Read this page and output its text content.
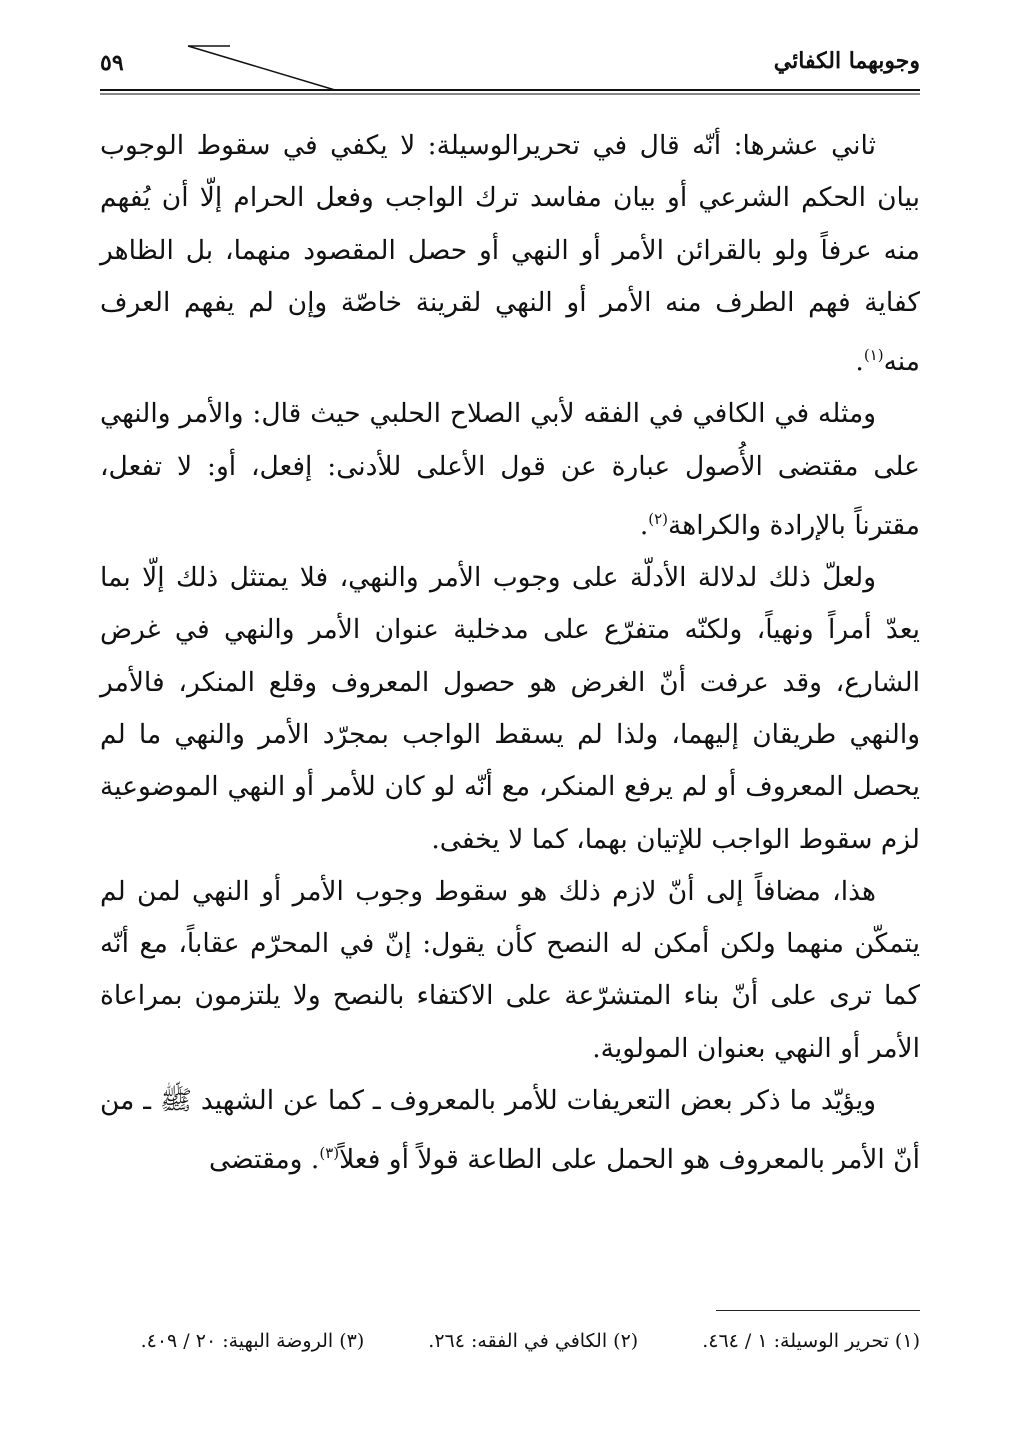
وجوبهما الكفائي
٥٩

ثاني عشرها: أنّه قال في تحريرالوسيلة: لا يكفي في سقوط الوجوب بيان الحكم الشرعي أو بيان مفاسد ترك الواجب وفعل الحرام إلّا أن يُفهم منه عرفاً ولو بالقرائن الأمر أو النهي أو حصل المقصود منهما، بل الظاهر كفاية فهم الطرف منه الأمر أو النهي لقرينة خاصّة وإن لم يفهم العرف منه$^{(١)}$.

ومثله في الكافي في الفقه لأبي الصلاح الحلبي حيث قال: والأمر والنهي على مقتضى الأُصول عبارة عن قول الأعلى للأدنى: إفعل، أو: لا تفعل، مقترناً بالإرادة والكراهة$^{(٢)}$.

ولعلّ ذلك لدلالة الأدلّة على وجوب الأمر والنهي، فلا يمتثل ذلك إلّا بما يعدّ أمراً ونهياً، ولكنّه متفرّع على مدخلية عنوان الأمر والنهي في غرض الشارع، وقد عرفت أنّ الغرض هو حصول المعروف وقلع المنكر، فالأمر والنهي طريقان إليهما، ولذا لم يسقط الواجب بمجرّد الأمر والنهي ما لم يحصل المعروف أو لم يرفع المنكر، مع أنّه لو كان للأمر أو النهي الموضوعية لزم سقوط الواجب للإتيان بهما، كما لا يخفى.

هذا، مضافاً إلى أنّ لازم ذلك هو سقوط وجوب الأمر أو النهي لمن لم يتمكّن منهما ولكن أمكن له النصح كأن يقول: إنّ في المحرّم عقاباً، مع أنّه كما ترى على أنّ بناء المتشرّعة على الاكتفاء بالنصح ولا يلتزمون بمراعاة الأمر أو النهي بعنوان المولوية.

ويؤيّد ما ذكر بعض التعريفات للأمر بالمعروف ـ كما عن الشهيد ﷺ ـ من أنّ الأمر بالمعروف هو الحمل على الطاعة قولاً أو فعلاً$^{(٣)}$. ومقتضى

(١) تحرير الوسيلة: ١ / ٤٦٤.
(٢) الكافي في الفقه: ٢٦٤.
(٣) الروضة البهية: ٢٠ / ٤٠٩.
